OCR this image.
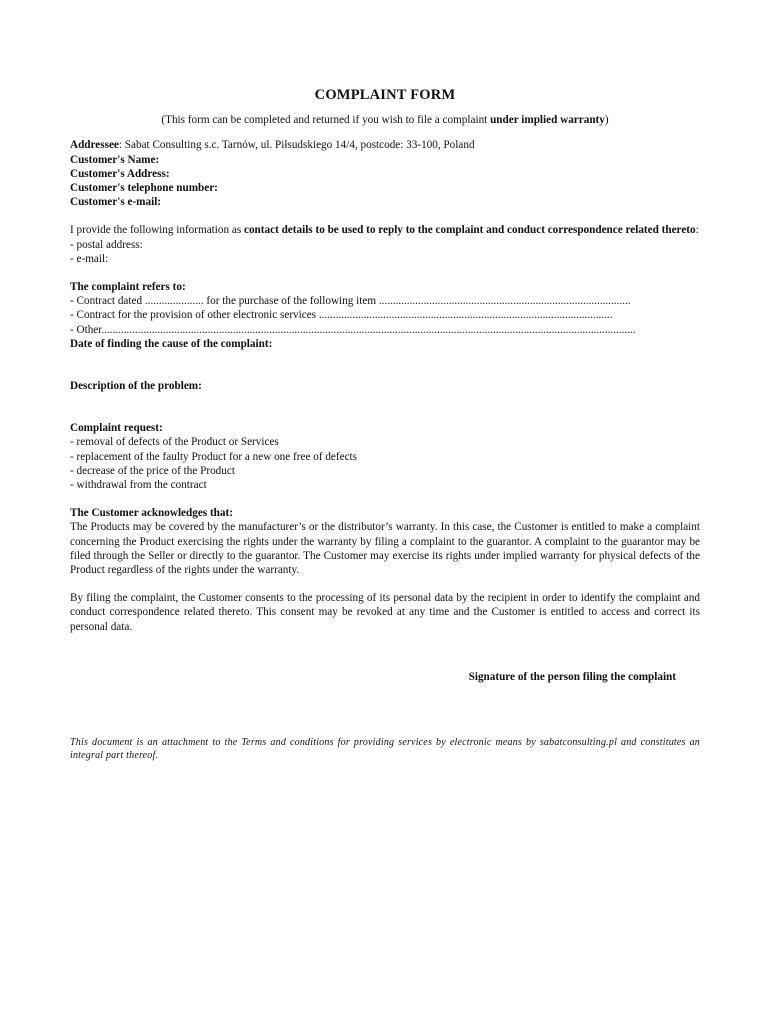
COMPLAINT FORM

(This form can be completed and returned if you wish to file a complaint under implied warranty)

Addressee: Sabat Consulting s.c. Tarnów, ul. Piłsudskiego 14/4, postcode: 33-100, Poland

Customer's Name:

Customer's Address:

Customer's telephone number:

Customer's e-mail:

I provide the following information as contact details to be used to reply to the complaint and conduct correspondence related thereto:

- postal address:

- e-mail:

The complaint refers to:

- Contract dated ..................... for the purchase of the following item ..........................................................................................

- Contract for the provision of other electronic services .........................................................................................................

- Other...............................................................................................................................................................................................

Date of finding the cause of the complaint:

Description of the problem:

Complaint request:

- removal of defects of the Product or Services

- replacement of the faulty Product for a new one free of defects

- decrease of the price of the Product

- withdrawal from the contract

The Customer acknowledges that:

The Products may be covered by the manufacturer’s or the distributor’s warranty. In this case, the Customer is entitled to make a complaint concerning the Product exercising the rights under the warranty by filing a complaint to the guarantor. A complaint to the guarantor may be filed through the Seller or directly to the guarantor. The Customer may exercise its rights under implied warranty for physical defects of the Product regardless of the rights under the warranty.

By filing the complaint, the Customer consents to the processing of its personal data by the recipient in order to identify the complaint and conduct correspondence related thereto. This consent may be revoked at any time and the Customer is entitled to access and correct its personal data.

Signature of the person filing the complaint

This document is an attachment to the Terms and conditions for providing services by electronic means by sabatconsulting.pl and constitutes an integral part thereof.
